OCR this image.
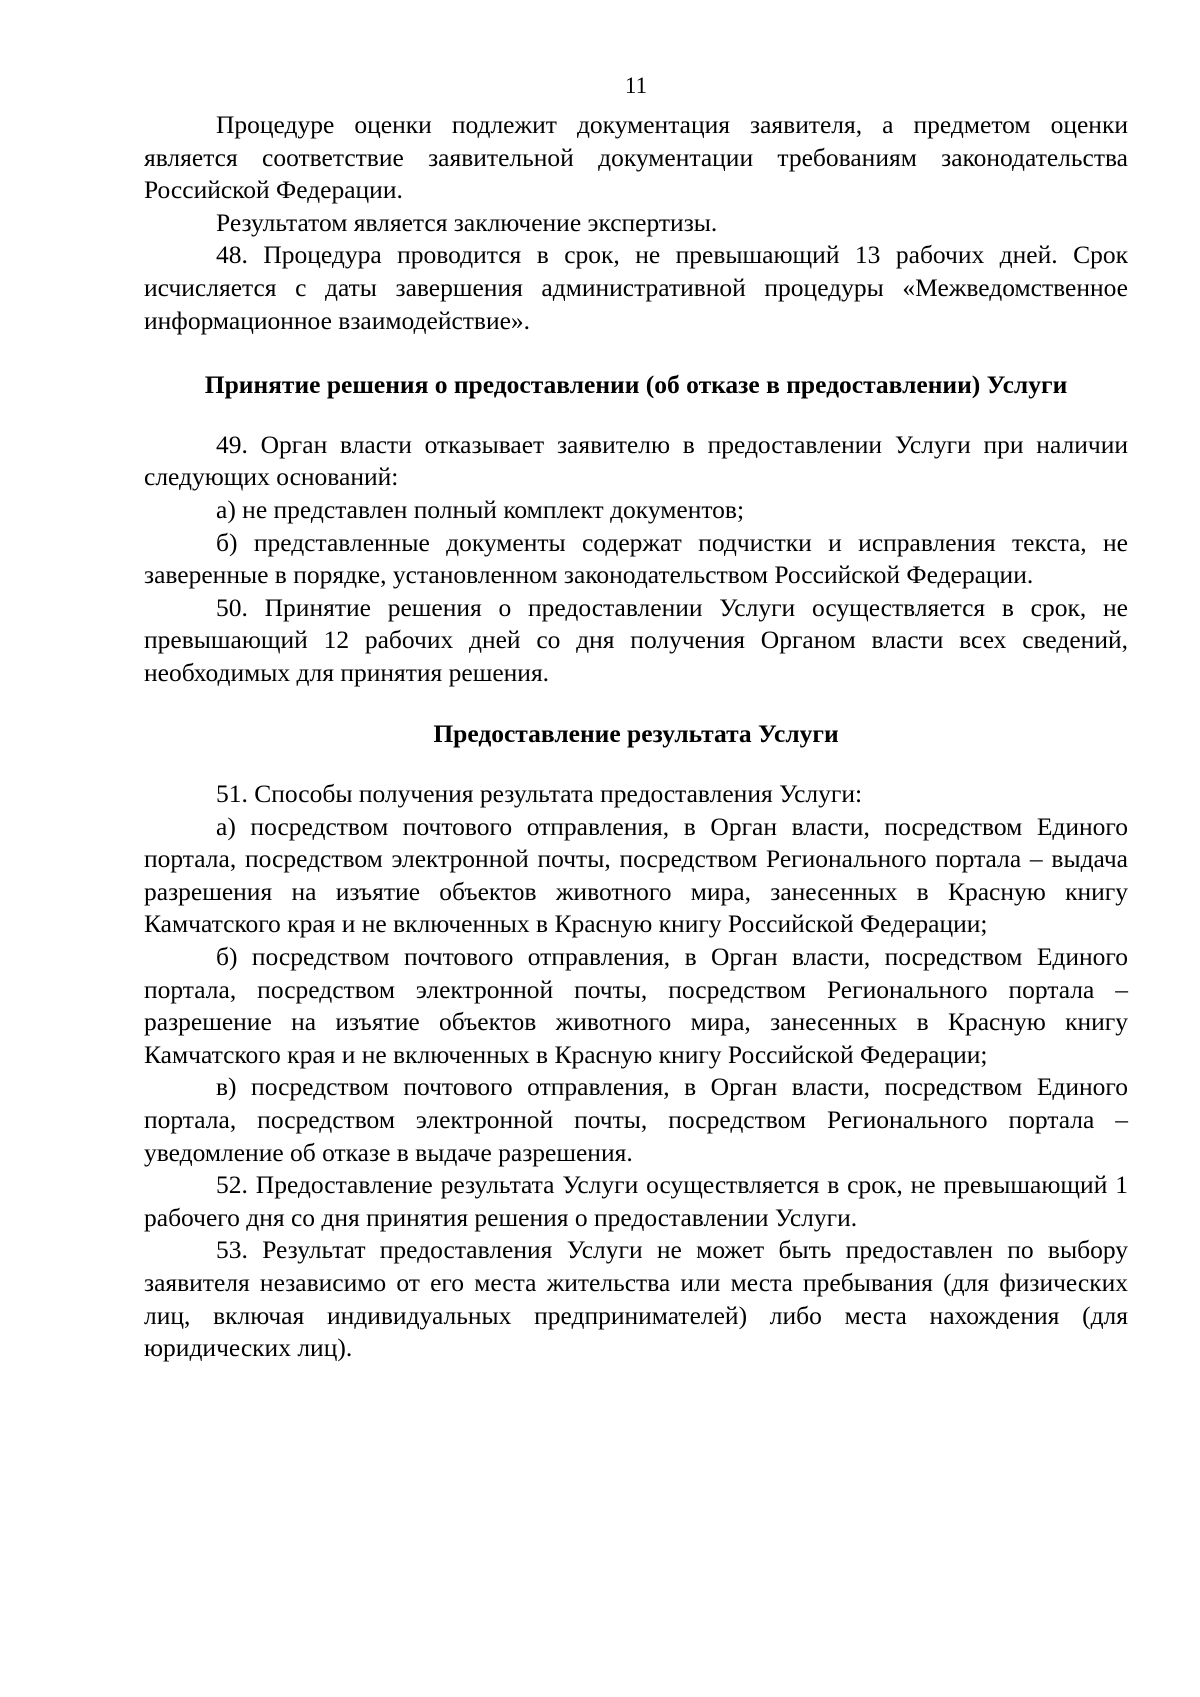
11

Процедуре оценки подлежит документация заявителя, а предметом оценки является соответствие заявительной документации требованиям законодательства Российской Федерации.

Результатом является заключение экспертизы.

48. Процедура проводится в срок, не превышающий 13 рабочих дней. Срок исчисляется с даты завершения административной процедуры «Межведомственное информационное взаимодействие».

Принятие решения о предоставлении (об отказе в предоставлении) Услуги

49. Орган власти отказывает заявителю в предоставлении Услуги при наличии следующих оснований:

а) не представлен полный комплект документов;

б) представленные документы содержат подчистки и исправления текста, не заверенные в порядке, установленном законодательством Российской Федерации.

50. Принятие решения о предоставлении Услуги осуществляется в срок, не превышающий 12 рабочих дней со дня получения Органом власти всех сведений, необходимых для принятия решения.

Предоставление результата Услуги

51. Способы получения результата предоставления Услуги:

а) посредством почтового отправления, в Орган власти, посредством Единого портала, посредством электронной почты, посредством Регионального портала – выдача разрешения на изъятие объектов животного мира, занесенных в Красную книгу Камчатского края и не включенных в Красную книгу Российской Федерации;

б) посредством почтового отправления, в Орган власти, посредством Единого портала, посредством электронной почты, посредством Регионального портала – разрешение на изъятие объектов животного мира, занесенных в Красную книгу Камчатского края и не включенных в Красную книгу Российской Федерации;

в) посредством почтового отправления, в Орган власти, посредством Единого портала, посредством электронной почты, посредством Регионального портала – уведомление об отказе в выдаче разрешения.

52. Предоставление результата Услуги осуществляется в срок, не превышающий 1 рабочего дня со дня принятия решения о предоставлении Услуги.

53. Результат предоставления Услуги не может быть предоставлен по выбору заявителя независимо от его места жительства или места пребывания (для физических лиц, включая индивидуальных предпринимателей) либо места нахождения (для юридических лиц).
